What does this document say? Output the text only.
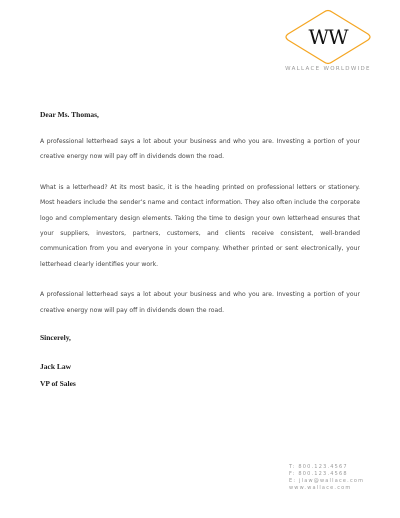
WW
WALLACE WORLDWIDE
Dear Ms. Thomas,

A professional letterhead says a lot about your business and who you are. Investing a portion of your creative energy now will pay off in dividends down the road.

What is a letterhead? At its most basic, it is the heading printed on professional letters or stationery. Most headers include the sender’s name and contact information. They also often include the corporate logo and complementary design elements. Taking the time to design your own letterhead ensures that your suppliers, investors, partners, customers, and clients receive consistent, well-branded communication from you and everyone in your company. Whether printed or sent electronically, your letterhead clearly identifies your work.

A professional letterhead says a lot about your business and who you are. Investing a portion of your creative energy now will pay off in dividends down the road.

Sincerely,
Jack Law
VP of Sales
T: 800.123.4567
F: 800.123.4568
E: jlaw@wallace.com
www.wallace.com
